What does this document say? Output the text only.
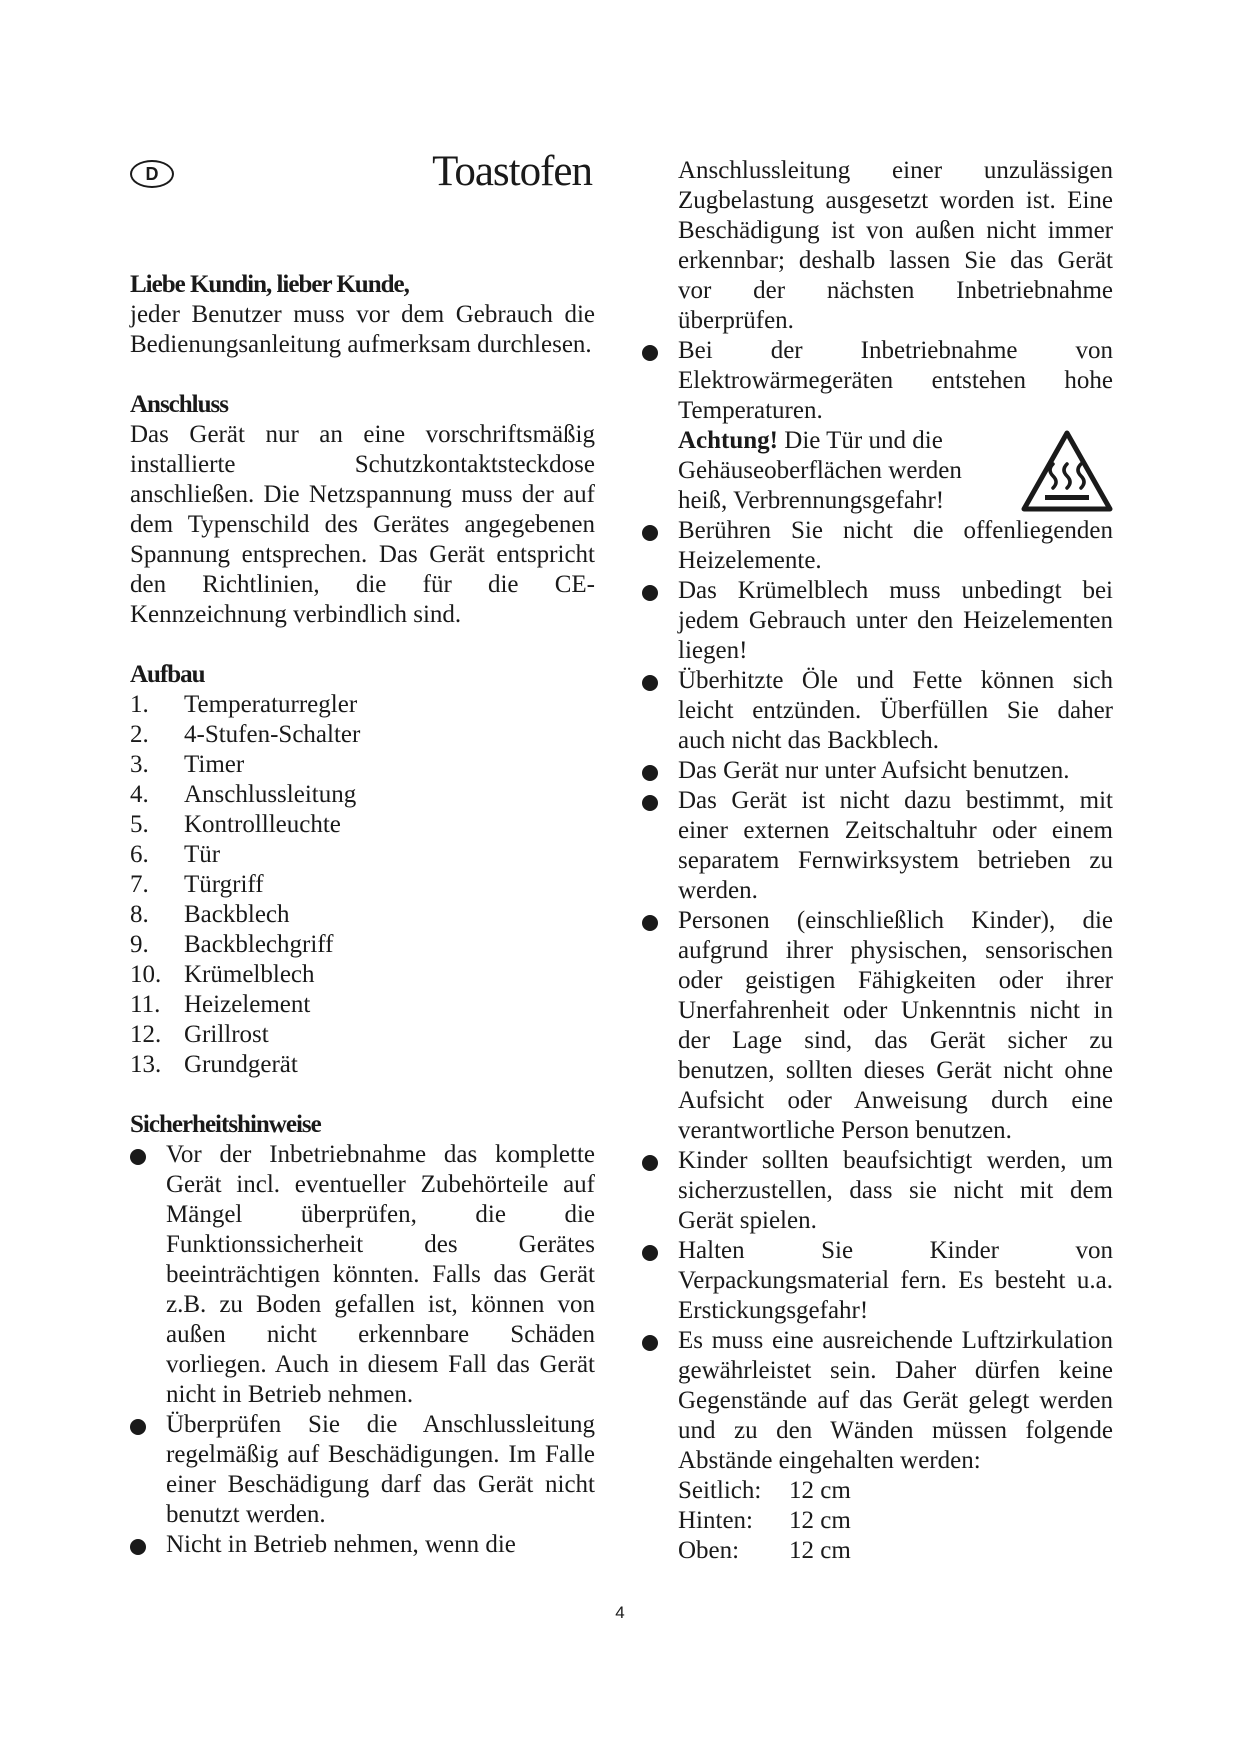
D	Toastofen

Liebe Kundin, lieber Kunde,

jeder Benutzer muss vor dem Gebrauch die Bedienungsanleitung aufmerksam durchlesen.

Anschluss

Das Gerät nur an eine vorschriftsmäßig installierte Schutzkontaktsteckdose anschließen. Die Netzspannung muss der auf dem Typenschild des Gerätes angegebenen Spannung entsprechen. Das Gerät entspricht den Richtlinien, die für die CE-Kennzeichnung verbindlich sind.

Aufbau

1.	Temperaturregler
2.	4-Stufen-Schalter
3.	Timer
4.	Anschlussleitung
5.	Kontrollleuchte
6.	Tür
7.	Türgriff
8.	Backblech
9.	Backblechgriff
10. Krümelblech
11. Heizelement
12. Grillrost
13. Grundgerät

Sicherheitshinweise

Vor der Inbetriebnahme das komplette Gerät incl. eventueller Zubehörteile auf Mängel überprüfen, die die Funktionssicherheit des Gerätes beeinträchtigen könnten. Falls das Gerät z.B. zu Boden gefallen ist, können von außen nicht erkennbare Schäden vorliegen. Auch in diesem Fall das Gerät nicht in Betrieb nehmen.
Überprüfen Sie die Anschlussleitung regelmäßig auf Beschädigungen. Im Falle einer Beschädigung darf das Gerät nicht benutzt werden.
Nicht in Betrieb nehmen, wenn die
Anschlussleitung einer unzulässigen Zugbelastung ausgesetzt worden ist. Eine Beschädigung ist von außen nicht immer erkennbar; deshalb lassen Sie das Gerät vor der nächsten Inbetriebnahme überprüfen.
Bei der Inbetriebnahme von Elektrowärmegeräten entstehen hohe Temperaturen.
Achtung! Die Tür und die Gehäuseoberflächen werden heiß, Verbrennungsgefahr!
Berühren Sie nicht die offenliegenden Heizelemente.
Das Krümelblech muss unbedingt bei jedem Gebrauch unter den Heizelementen liegen!
Überhitzte Öle und Fette können sich leicht entzünden. Überfüllen Sie daher auch nicht das Backblech.
Das Gerät nur unter Aufsicht benutzen.
Das Gerät ist nicht dazu bestimmt, mit einer externen Zeitschaltuhr oder einem separatem Fernwirksystem betrieben zu werden.
Personen (einschließlich Kinder), die aufgrund ihrer physischen, sensorischen oder geistigen Fähigkeiten oder ihrer Unerfahrenheit oder Unkenntnis nicht in der Lage sind, das Gerät sicher zu benutzen, sollten dieses Gerät nicht ohne Aufsicht oder Anweisung durch eine verantwortliche Person benutzen.
Kinder sollten beaufsichtigt werden, um sicherzustellen, dass sie nicht mit dem Gerät spielen.
Halten Sie Kinder von Verpackungsmaterial fern. Es besteht u.a. Erstickungsgefahr!
Es muss eine ausreichende Luftzirkulation gewährleistet sein. Daher dürfen keine Gegenstände auf das Gerät gelegt werden und zu den Wänden müssen folgende Abstände eingehalten werden:
Seitlich:	12 cm
Hinten:	12 cm
Oben:	12 cm
4
